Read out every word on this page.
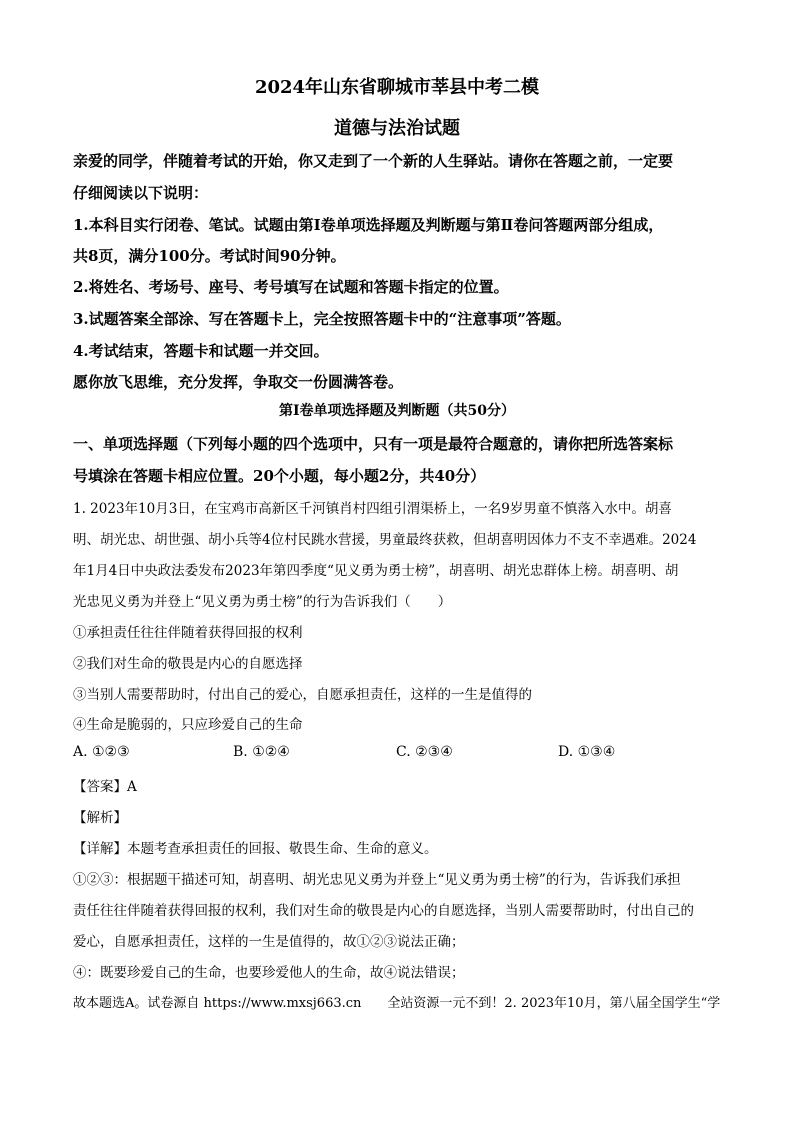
2024年山东省聊城市莘县中考二模
道德与法治试题
亲爱的同学，伴随着考试的开始，你又走到了一个新的人生驿站。请你在答题之前，一定要
仔细阅读以下说明：
1.本科目实行闭卷、笔试。试题由第Ⅰ卷单项选择题及判断题与第Ⅱ卷问答题两部分组成，
共8页，满分100分。考试时间90分钟。
2.将姓名、考场号、座号、考号填写在试题和答题卡指定的位置。
3.试题答案全部涂、写在答题卡上，完全按照答题卡中的“注意事项”答题。
4.考试结束，答题卡和试题一并交回。
愿你放飞思维，充分发挥，争取交一份圆满答卷。
第Ⅰ卷单项选择题及判断题（共50分）
一、单项选择题（下列每小题的四个选项中，只有一项是最符合题意的，请你把所选答案标
号填涂在答题卡相应位置。20个小题，每小题2分，共40分）
1. 2023年10月3日，在宝鸡市高新区千河镇肖村四组引渭渠桥上，一名9岁男童不慎落入水中。胡喜
明、胡光忠、胡世强、胡小兵等4位村民跳水营援，男童最终获救，但胡喜明因体力不支不幸遇难。2024
年1月4日中央政法委发布2023年第四季度“见义勇为勇士榜”，胡喜明、胡光忠群体上榜。胡喜明、胡
光忠见义勇为并登上“见义勇为勇士榜”的行为告诉我们（　　）
①承担责任往往伴随着获得回报的权利
②我们对生命的敬畏是内心的自愿选择
③当别人需要帮助时，付出自己的爱心，自愿承担责任，这样的一生是值得的
④生命是脆弱的，只应珍爱自己的生命
A. ①②③	B. ①②④	C. ②③④	D. ①③④
【答案】A
【解析】
【详解】本题考查承担责任的回报、敬畏生命、生命的意义。
①②③：根据题干描述可知，胡喜明、胡光忠见义勇为并登上“见义勇为勇士榜”的行为，告诉我们承担
责任往往伴随着获得回报的权利，我们对生命的敬畏是内心的自愿选择，当别人需要帮助时，付出自己的
爱心，自愿承担责任，这样的一生是值得的，故①②③说法正确；
④：既要珍爱自己的生命，也要珍爱他人的生命，故④说法错误；
故本题选A。试卷源自 https://www.mxsj663.cn　　全站资源一元不到！2. 2023年10月，第八届全国学生“学
